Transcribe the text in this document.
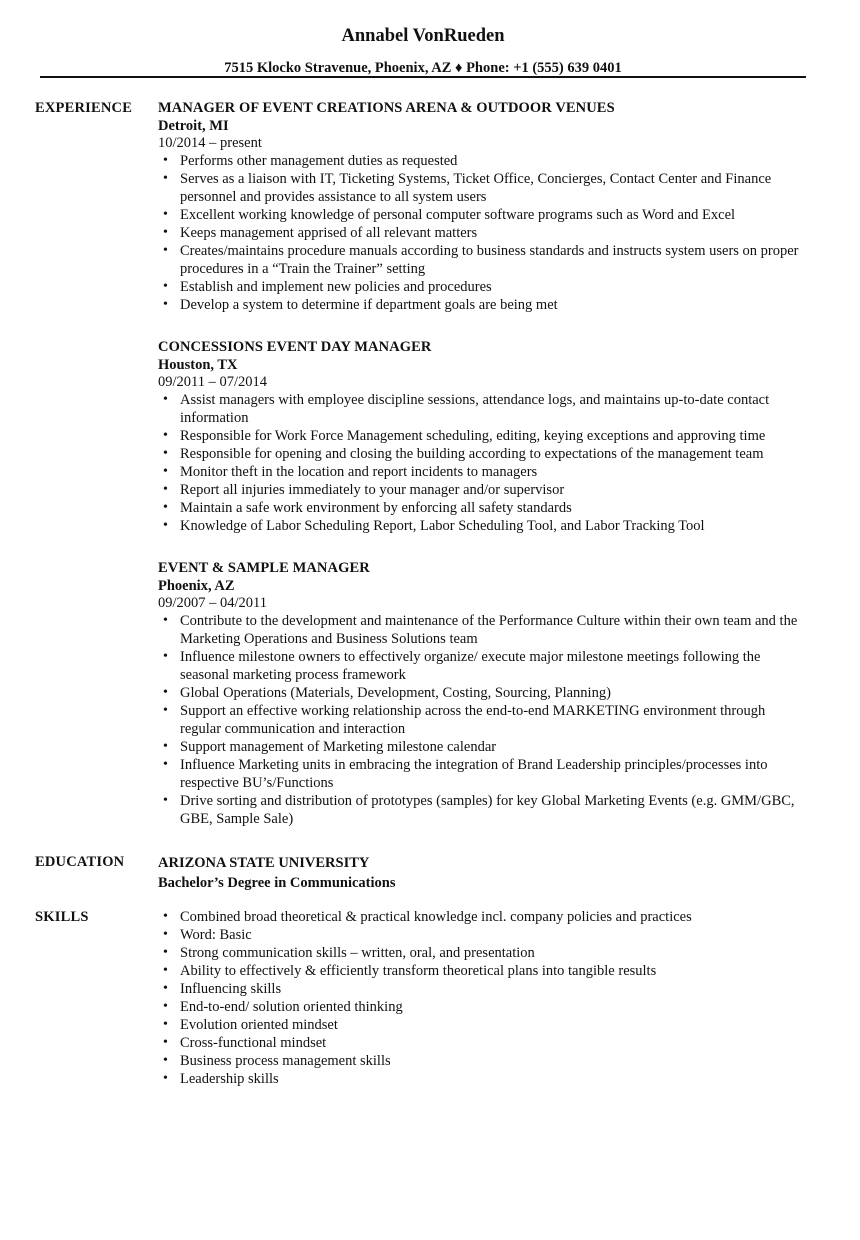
Annabel VonRueden
7515 Klocko Stravenue, Phoenix, AZ ♦ Phone: +1 (555) 639 0401
EXPERIENCE MANAGER OF EVENT CREATIONS ARENA & OUTDOOR VENUES
Detroit, MI
10/2014 – present
• Performs other management duties as requested
• Serves as a liaison with IT, Ticketing Systems, Ticket Office, Concierges, Contact Center and Finance personnel and provides assistance to all system users
• Excellent working knowledge of personal computer software programs such as Word and Excel
• Keeps management apprised of all relevant matters
• Creates/maintains procedure manuals according to business standards and instructs system users on proper procedures in a “Train the Trainer” setting
• Establish and implement new policies and procedures
• Develop a system to determine if department goals are being met
CONCESSIONS EVENT DAY MANAGER
Houston, TX
09/2011 – 07/2014
• Assist managers with employee discipline sessions, attendance logs, and maintains up-to-date contact information
• Responsible for Work Force Management scheduling, editing, keying exceptions and approving time
• Responsible for opening and closing the building according to expectations of the management team
• Monitor theft in the location and report incidents to managers
• Report all injuries immediately to your manager and/or supervisor
• Maintain a safe work environment by enforcing all safety standards
• Knowledge of Labor Scheduling Report, Labor Scheduling Tool, and Labor Tracking Tool
EVENT & SAMPLE MANAGER
Phoenix, AZ
09/2007 – 04/2011
• Contribute to the development and maintenance of the Performance Culture within their own team and the Marketing Operations and Business Solutions team
• Influence milestone owners to effectively organize/ execute major milestone meetings following the seasonal marketing process framework
• Global Operations (Materials, Development, Costing, Sourcing, Planning)
• Support an effective working relationship across the end-to-end MARKETING environment through regular communication and interaction
• Support management of Marketing milestone calendar
• Influence Marketing units in embracing the integration of Brand Leadership principles/processes into respective BU’s/Functions
• Drive sorting and distribution of prototypes (samples) for key Global Marketing Events (e.g. GMM/GBC, GBE, Sample Sale)
EDUCATION ARIZONA STATE UNIVERSITY
Bachelor’s Degree in Communications
SKILLS	• Combined broad theoretical & practical knowledge incl. company policies and practices
• Word: Basic
• Strong communication skills – written, oral, and presentation
• Ability to effectively & efficiently transform theoretical plans into tangible results
• Influencing skills
• End-to-end/ solution oriented thinking
• Evolution oriented mindset
• Cross-functional mindset
• Business process management skills
• Leadership skills
